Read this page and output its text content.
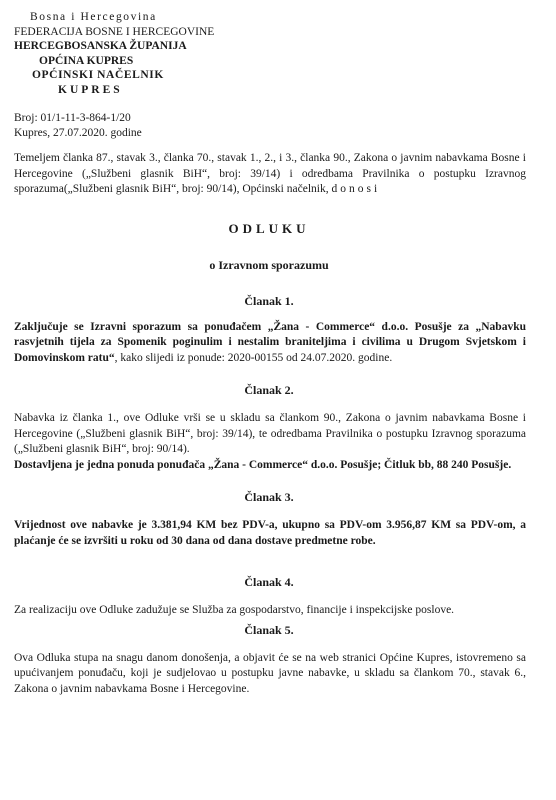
Bosna i Hercegovina
FEDERACIJA BOSNE I HERCEGOVINE
HERCEGBOSANSKA ŽUPANIJA
OPĆINA KUPRES
OPĆINSKI NAČELNIK
KUPRES
Broj: 01/1-11-3-864-1/20
Kupres, 27.07.2020. godine
Temeljem članka 87., stavak 3., članka 70., stavak 1., 2., i 3., članka 90., Zakona o javnim nabavkama Bosne i Hercegovine („Službeni glasnik BiH“, broj: 39/14) i odredbama Pravilnika o postupku Izravnog sporazuma(„Službeni glasnik BiH“, broj: 90/14), Općinski načelnik, donosi
ODLUKU
o Izravnom sporazumu
Članak 1.
Zaključuje se Izravni sporazum sa ponuđačem „Žana - Commerce“ d.o.o. Posušje za „Nabavku rasvjetnih tijela za Spomenik poginulim i nestalim braniteljima i civilima u Drugom Svjetskom i Domovinskom ratu“, kako slijedi iz ponude: 2020-00155 od 24.07.2020. godine.
Članak 2.
Nabavka iz članka 1., ove Odluke vrši se u skladu sa člankom 90., Zakona o javnim nabavkama Bosne i Hercegovine („Službeni glasnik BiH“, broj: 39/14), te odredbama Pravilnika o postupku Izravnog sporazuma („Službeni glasnik BiH“, broj: 90/14).
Dostavljena je jedna ponuda ponuđača „Žana - Commerce“ d.o.o. Posušje; Čitluk bb, 88 240 Posušje.
Članak 3.
Vrijednost ove nabavke je 3.381,94 KM bez PDV-a, ukupno sa PDV-om 3.956,87 KM sa PDV-om, a plaćanje će se izvršiti u roku od 30 dana od dana dostave predmetne robe.
Članak 4.
Za realizaciju ove Odluke zadužuje se Služba za gospodarstvo, financije i inspekcijske poslove.
Članak 5.
Ova Odluka stupa na snagu danom donošenja, a objavit će se na web stranici Općine Kupres, istovremeno sa upućivanjem ponuđaču, koji je sudjelovao u postupku javne nabavke, u skladu sa člankom 70., stavak 6., Zakona o javnim nabavkama Bosne i Hercegovine.
